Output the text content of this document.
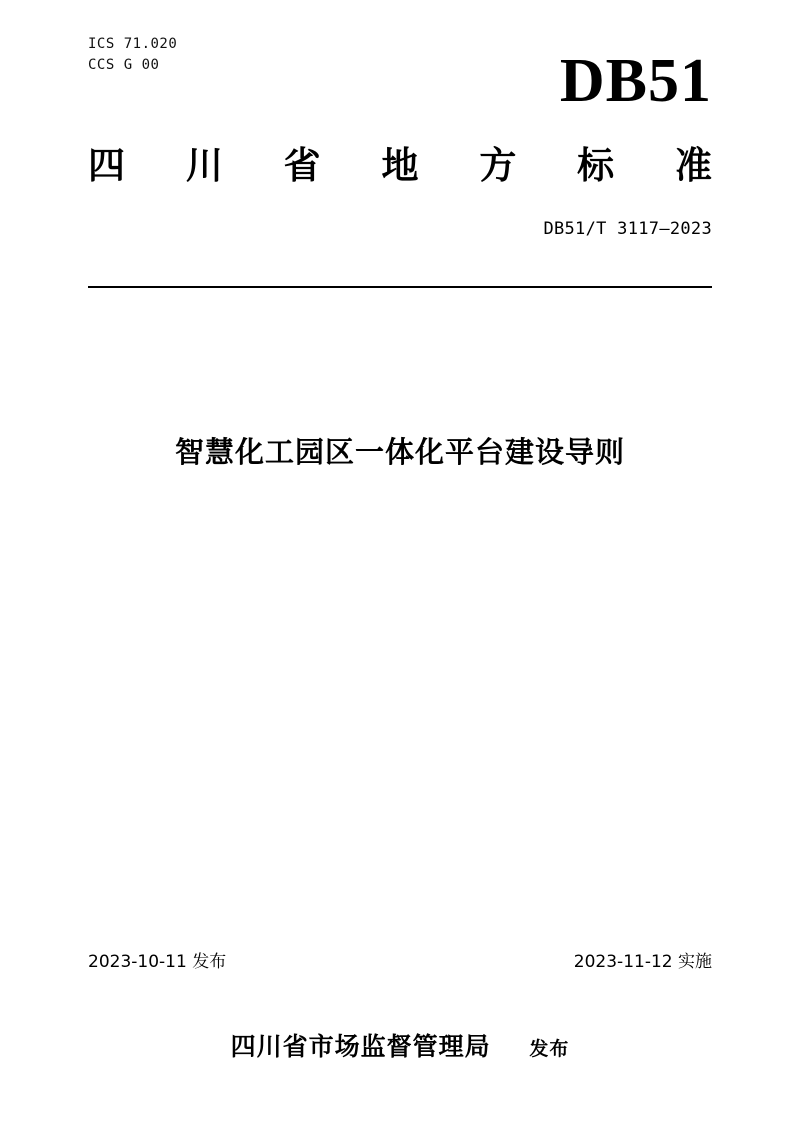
ICS 71.020
CCS G 00	DB51
四 川 省 地 方 标 准
DB51/T 3117—2023
智慧化工园区一体化平台建设导则
2023-10-11 发布	2023-11-12 实施
四川省市场监督管理局 发布
